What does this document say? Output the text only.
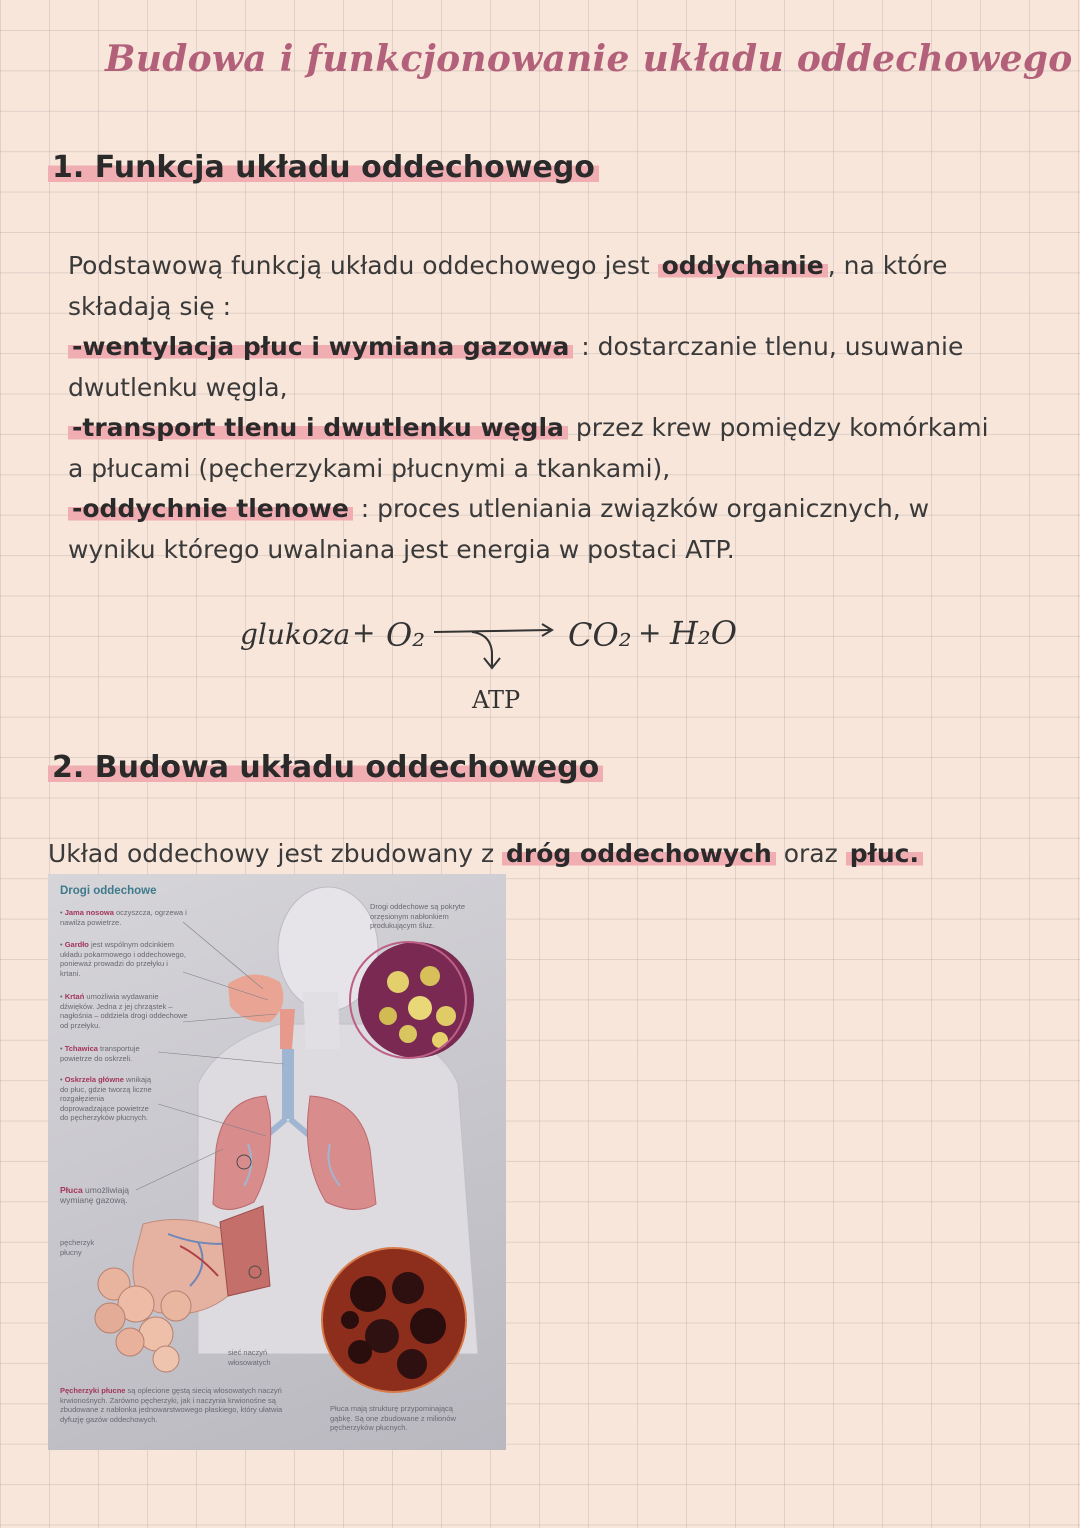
Budowa i funkcjonowanie układu oddechowego
1. Funkcja układu oddechowego
Podstawową funkcją układu oddechowego jest oddychanie , na które składają się :
-wentylacja płuc i wymiana gazowa : dostarczanie tlenu, usuwanie dwutlenku węgla,
-transport tlenu i dwutlenku węgla przez krew pomiędzy komórkami a płucami (pęcherzykami płucnymi a tkankami),
-oddychnie tlenowe : proces utleniania związków organicznych, w wyniku którego uwalniana jest energia w postaci ATP.
glukoza + O₂	CO₂ + H₂O
ATP
2. Budowa układu oddechowego
Układ oddechowy jest zbudowany z dróg oddechowych oraz płuc.
Drogi oddechowe
• Jama nosowa oczyszcza, ogrzewa i nawilża powietrze.
• Gardło jest wspólnym odcinkiem układu pokarmowego i oddechowego, ponieważ prowadzi do przełyku i krtani.
• Krtań umożliwia wydawanie dźwięków. Jedna z jej chrząstek – nagłośnia – oddziela drogi oddechowe od przełyku.
• Tchawica transportuje powietrze do oskrzeli.
• Oskrzela główne wnikają do płuc, gdzie tworzą liczne rozgałęzienia doprowadzające powietrze do pęcherzyków płucnych.
Płuca umożliwiają wymianę gazową.
pęcherzyk płucny
Drogi oddechowe są pokryte orzęsionym nabłonkiem produkującym śluz.
sieć naczyń włosowatych
Pęcherzyki płucne są oplecione gęstą siecią włosowatych naczyń krwionośnych. Zarówno pęcherzyki, jak i naczynia krwionośne są zbudowane z nabłonka jednowarstwowego płaskiego, który ułatwia dyfuzję gazów oddechowych.
Płuca mają strukturę przypominającą gąbkę. Są one zbudowane z milionów pęcherzyków płucnych.
